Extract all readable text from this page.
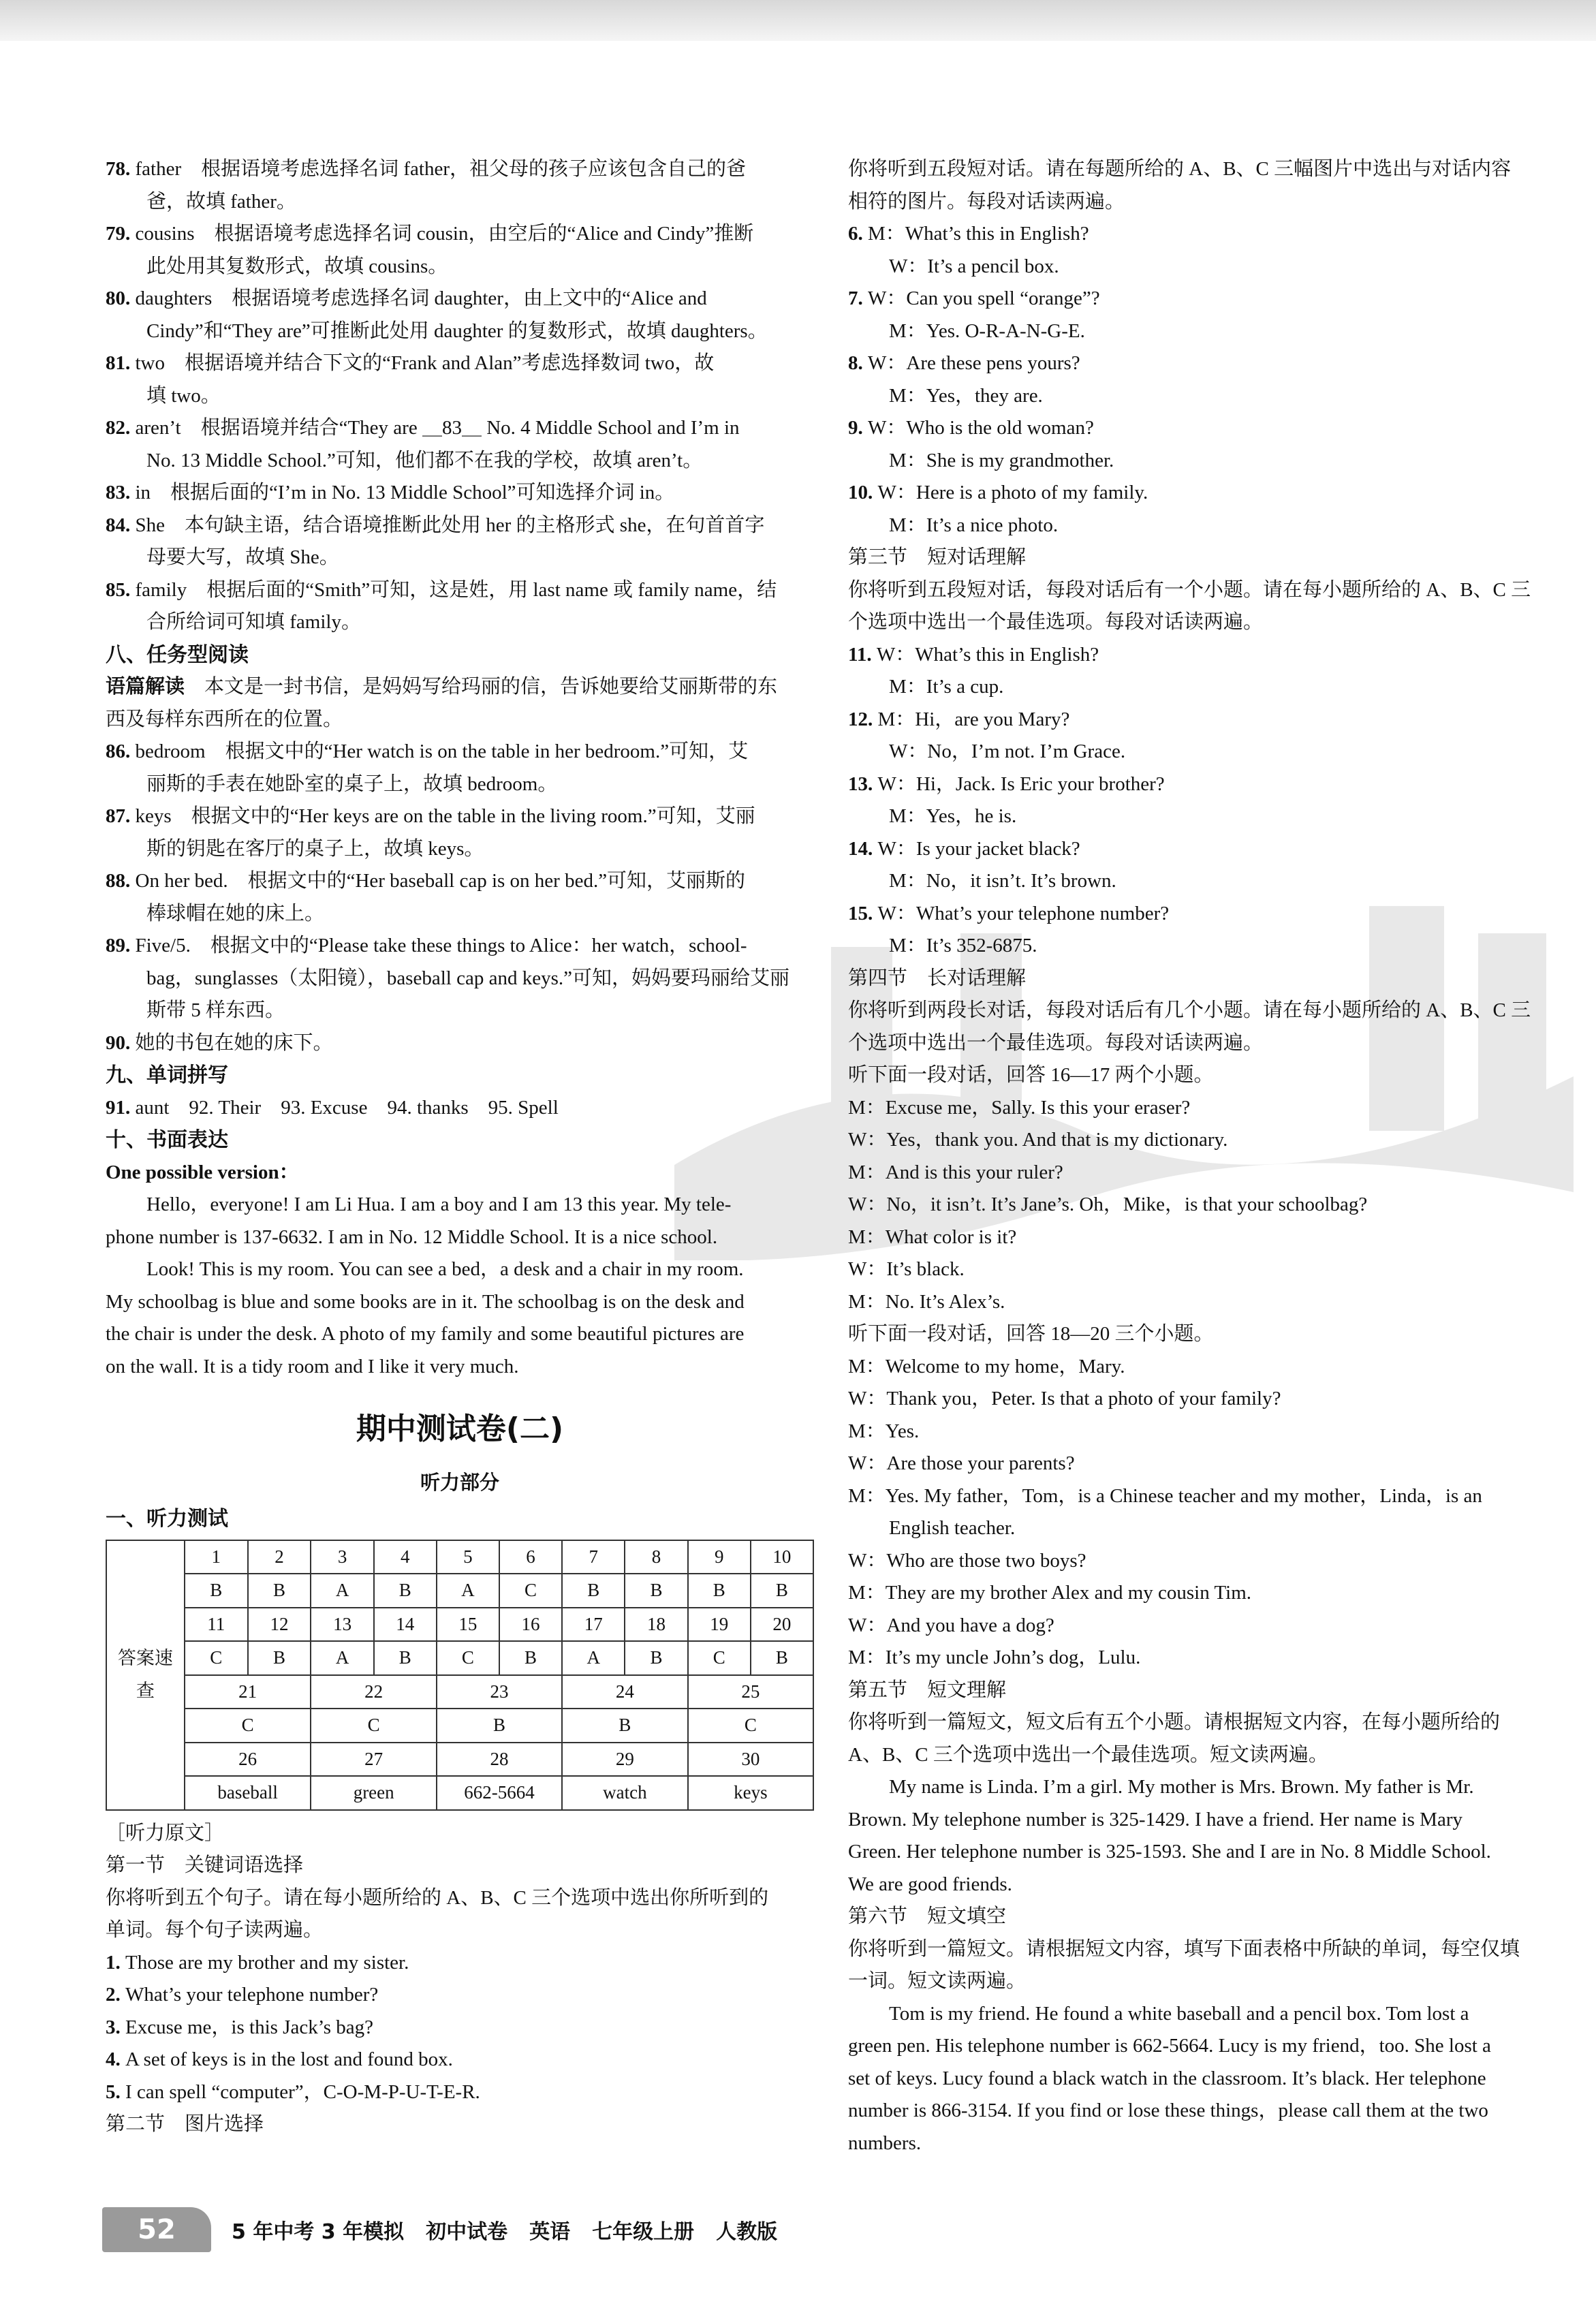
78. father　根据语境考虑选择名词 father，祖父母的孩子应该包含自己的爸
爸，故填 father。
79. cousins　根据语境考虑选择名词 cousin，由空后的“Alice and Cindy”推断
此处用其复数形式，故填 cousins。
80. daughters　根据语境考虑选择名词 daughter，由上文中的“Alice and
Cindy”和“They are”可推断此处用 daughter 的复数形式，故填 daughters。
81. two　根据语境并结合下文的“Frank and Alan”考虑选择数词 two，故
填 two。
82. aren’t　根据语境并结合“They are ＿83＿ No. 4 Middle School and I’m in
No. 13 Middle School.”可知，他们都不在我的学校，故填 aren’t。
83. in　根据后面的“I’m in No. 13 Middle School”可知选择介词 in。
84. She　本句缺主语，结合语境推断此处用 her 的主格形式 she，在句首首字
母要大写，故填 She。
85. family　根据后面的“Smith”可知，这是姓，用 last name 或 family name，结
合所给词可知填 family。
八、任务型阅读
语篇解读　本文是一封书信，是妈妈写给玛丽的信，告诉她要给艾丽斯带的东
西及每样东西所在的位置。
86. bedroom　根据文中的“Her watch is on the table in her bedroom.”可知，艾
丽斯的手表在她卧室的桌子上，故填 bedroom。
87. keys　根据文中的“Her keys are on the table in the living room.”可知，艾丽
斯的钥匙在客厅的桌子上，故填 keys。
88. On her bed.　根据文中的“Her baseball cap is on her bed.”可知，艾丽斯的
棒球帽在她的床上。
89. Five/5.　根据文中的“Please take these things to Alice：her watch，school-
bag，sunglasses（太阳镜），baseball cap and keys.”可知，妈妈要玛丽给艾丽
斯带 5 样东西。
90. 她的书包在她的床下。
九、单词拼写
91. aunt　92. Their　93. Excuse　94. thanks　95. Spell
十、书面表达
One possible version：
Hello，everyone! I am Li Hua. I am a boy and I am 13 this year. My tele-
phone number is 137-6632. I am in No. 12 Middle School. It is a nice school.
Look! This is my room. You can see a bed，a desk and a chair in my room.
My schoolbag is blue and some books are in it. The schoolbag is on the desk and
the chair is under the desk. A photo of my family and some beautiful pictures are
on the wall. It is a tidy room and I like it very much.
期中测试卷(二)
听力部分
一、听力测试
答案速查	1	2	3	4	5	6	7	8	9	10
	B	B	A	B	A	C	B	B	B	B
	11	12	13	14	15	16	17	18	19	20
	C	B	A	B	C	B	A	B	C	B
	21		22		23		24		25	
	C		C		B		B		C	
	26		27		28		29		30	
	baseball		green		662-5664		watch		keys	
［听力原文］
第一节　关键词语选择
你将听到五个句子。请在每小题所给的 A、B、C 三个选项中选出你所听到的
单词。每个句子读两遍。
1. Those are my brother and my sister.
2. What’s your telephone number?
3. Excuse me，is this Jack’s bag?
4. A set of keys is in the lost and found box.
5. I can spell “computer”，C-O-M-P-U-T-E-R.
第二节　图片选择
你将听到五段短对话。请在每题所给的 A、B、C 三幅图片中选出与对话内容
相符的图片。每段对话读两遍。
6. M：What’s this in English?
W：It’s a pencil box.
7. W：Can you spell “orange”?
M：Yes. O-R-A-N-G-E.
8. W：Are these pens yours?
M：Yes，they are.
9. W：Who is the old woman?
M：She is my grandmother.
10. W：Here is a photo of my family.
M：It’s a nice photo.
第三节　短对话理解
你将听到五段短对话，每段对话后有一个小题。请在每小题所给的 A、B、C 三
个选项中选出一个最佳选项。每段对话读两遍。
11. W：What’s this in English?
M：It’s a cup.
12. M：Hi，are you Mary?
W：No，I’m not. I’m Grace.
13. W：Hi，Jack. Is Eric your brother?
M：Yes，he is.
14. W：Is your jacket black?
M：No，it isn’t. It’s brown.
15. W：What’s your telephone number?
M：It’s 352-6875.
第四节　长对话理解
你将听到两段长对话，每段对话后有几个小题。请在每小题所给的 A、B、C 三
个选项中选出一个最佳选项。每段对话读两遍。
听下面一段对话，回答 16—17 两个小题。
M：Excuse me，Sally. Is this your eraser?
W：Yes，thank you. And that is my dictionary.
M：And is this your ruler?
W：No，it isn’t. It’s Jane’s. Oh，Mike，is that your schoolbag?
M：What color is it?
W：It’s black.
M：No. It’s Alex’s.
听下面一段对话，回答 18—20 三个小题。
M：Welcome to my home，Mary.
W：Thank you，Peter. Is that a photo of your family?
M：Yes.
W：Are those your parents?
M：Yes. My father，Tom，is a Chinese teacher and my mother，Linda，is an
English teacher.
W：Who are those two boys?
M：They are my brother Alex and my cousin Tim.
W：And you have a dog?
M：It’s my uncle John’s dog，Lulu.
第五节　短文理解
你将听到一篇短文，短文后有五个小题。请根据短文内容，在每小题所给的
A、B、C 三个选项中选出一个最佳选项。短文读两遍。
My name is Linda. I’m a girl. My mother is Mrs. Brown. My father is Mr.
Brown. My telephone number is 325-1429. I have a friend. Her name is Mary
Green. Her telephone number is 325-1593. She and I are in No. 8 Middle School.
We are good friends.
第六节　短文填空
你将听到一篇短文。请根据短文内容，填写下面表格中所缺的单词，每空仅填
一词。短文读两遍。
Tom is my friend. He found a white baseball and a pencil box. Tom lost a
green pen. His telephone number is 662-5664. Lucy is my friend，too. She lost a
set of keys. Lucy found a black watch in the classroom. It’s black. Her telephone
number is 866-3154. If you find or lose these things，please call them at the two
numbers.
52	5 年中考 3 年模拟 初中试卷 英语 七年级上册 人教版
